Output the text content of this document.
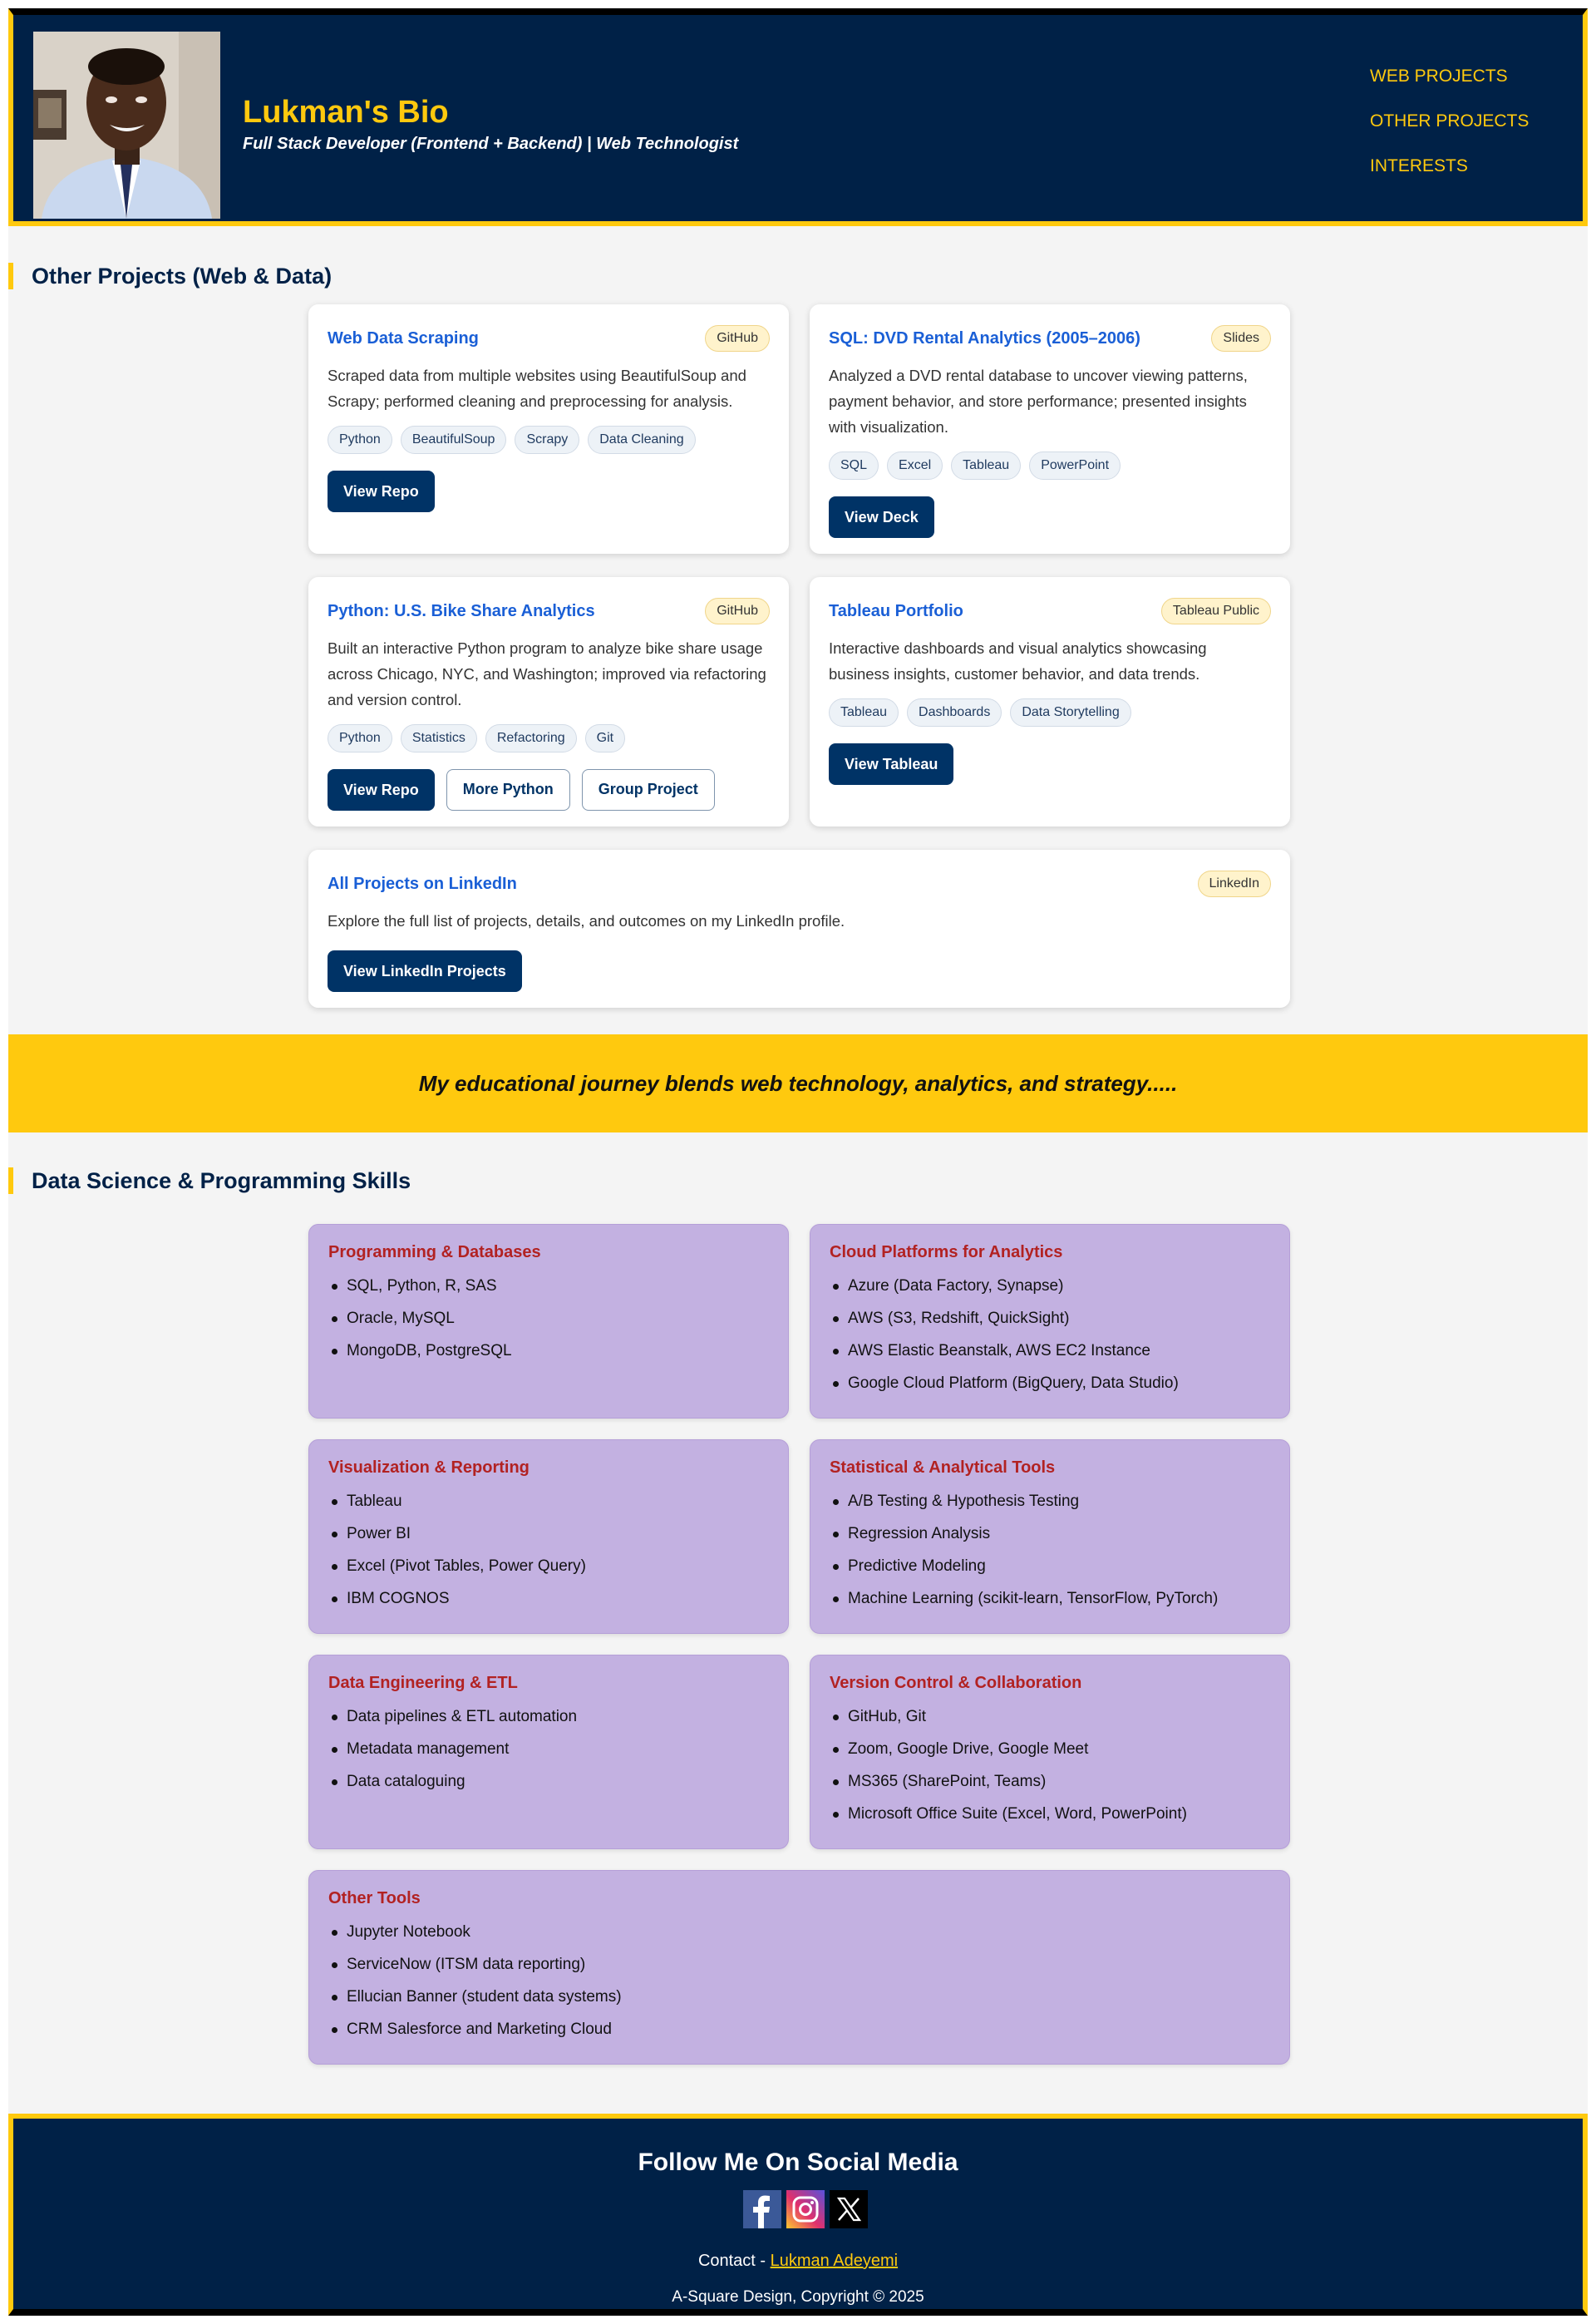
Lukman's Bio
Full Stack Developer (Frontend + Backend) | Web Technologist
WEB PROJECTS
OTHER PROJECTS
INTERESTS
Other Projects (Web & Data)
Web Data Scraping	GitHub
Scraped data from multiple websites using BeautifulSoup and Scrapy; performed cleaning and preprocessing for analysis.
Python	BeautifulSoup	Scrapy	Data Cleaning
View Repo
SQL: DVD Rental Analytics (2005–2006)	Slides
Analyzed a DVD rental database to uncover viewing patterns, payment behavior, and store performance; presented insights with visualization.
SQL	Excel	Tableau	PowerPoint
View Deck
Python: U.S. Bike Share Analytics	GitHub
Built an interactive Python program to analyze bike share usage across Chicago, NYC, and Washington; improved via refactoring and version control.
Python	Statistics	Refactoring	Git
View Repo	More Python	Group Project
Tableau Portfolio	Tableau Public
Interactive dashboards and visual analytics showcasing business insights, customer behavior, and data trends.
Tableau	Dashboards	Data Storytelling
View Tableau
All Projects on LinkedIn	LinkedIn
Explore the full list of projects, details, and outcomes on my LinkedIn profile.
View LinkedIn Projects
My educational journey blends web technology, analytics, and strategy.....
Data Science & Programming Skills
Programming & Databases
SQL, Python, R, SAS
Oracle, MySQL
MongoDB, PostgreSQL
Cloud Platforms for Analytics
Azure (Data Factory, Synapse)
AWS (S3, Redshift, QuickSight)
AWS Elastic Beanstalk, AWS EC2 Instance
Google Cloud Platform (BigQuery, Data Studio)
Visualization & Reporting
Tableau
Power BI
Excel (Pivot Tables, Power Query)
IBM COGNOS
Statistical & Analytical Tools
A/B Testing & Hypothesis Testing
Regression Analysis
Predictive Modeling
Machine Learning (scikit-learn, TensorFlow, PyTorch)
Data Engineering & ETL
Data pipelines & ETL automation
Metadata management
Data cataloguing
Version Control & Collaboration
GitHub, Git
Zoom, Google Drive, Google Meet
MS365 (SharePoint, Teams)
Microsoft Office Suite (Excel, Word, PowerPoint)
Other Tools
Jupyter Notebook
ServiceNow (ITSM data reporting)
Ellucian Banner (student data systems)
CRM Salesforce and Marketing Cloud
Follow Me On Social Media
Contact - Lukman Adeyemi
A-Square Design, Copyright © 2025
